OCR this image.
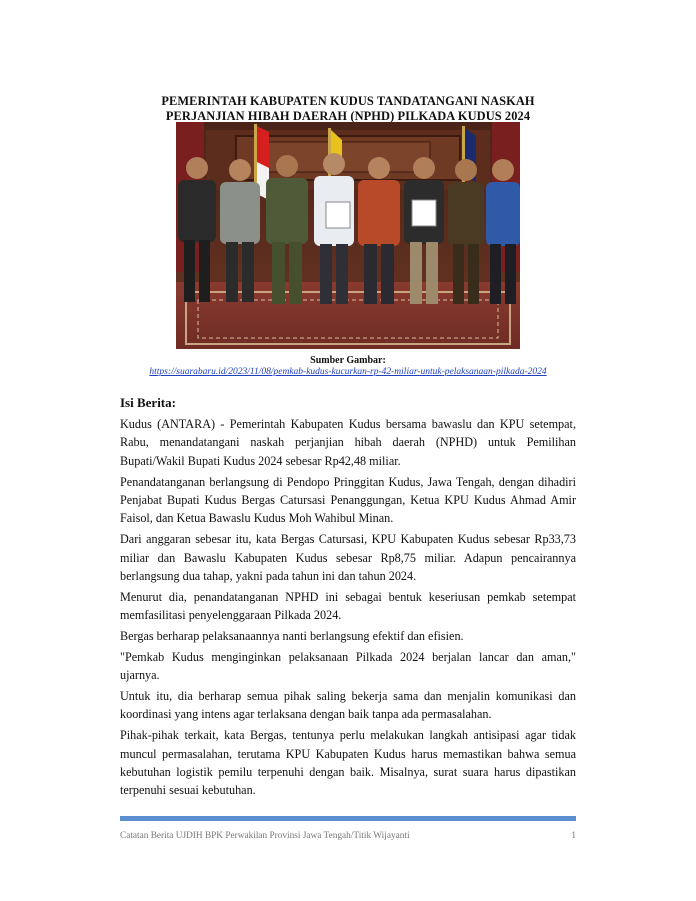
PEMERINTAH KABUPATEN KUDUS TANDATANGANI NASKAH
PERJANJIAN HIBAH DAERAH (NPHD) PILKADA KUDUS 2024
Sumber Gambar:
https://suarabaru.id/2023/11/08/pemkab-kudus-kucurkan-rp-42-miliar-untuk-pelaksanaan-pilkada-2024
Isi Berita:

Kudus (ANTARA) - Pemerintah Kabupaten Kudus bersama bawaslu dan KPU setempat, Rabu, menandatangani naskah perjanjian hibah daerah (NPHD) untuk Pemilihan Bupati/Wakil Bupati Kudus 2024 sebesar Rp42,48 miliar.

Penandatanganan berlangsung di Pendopo Pringgitan Kudus, Jawa Tengah, dengan dihadiri Penjabat Bupati Kudus Bergas Catursasi Penanggungan, Ketua KPU Kudus Ahmad Amir Faisol, dan Ketua Bawaslu Kudus Moh Wahibul Minan.

Dari anggaran sebesar itu, kata Bergas Catursasi, KPU Kabupaten Kudus sebesar Rp33,73 miliar dan Bawaslu Kabupaten Kudus sebesar Rp8,75 miliar. Adapun pencairannya berlangsung dua tahap, yakni pada tahun ini dan tahun 2024.

Menurut dia, penandatanganan NPHD ini sebagai bentuk keseriusan pemkab setempat memfasilitasi penyelenggaraan Pilkada 2024.

Bergas berharap pelaksanaannya nanti berlangsung efektif dan efisien.

"Pemkab Kudus menginginkan pelaksanaan Pilkada 2024 berjalan lancar dan aman," ujarnya.

Untuk itu, dia berharap semua pihak saling bekerja sama dan menjalin komunikasi dan koordinasi yang intens agar terlaksana dengan baik tanpa ada permasalahan.

Pihak-pihak terkait, kata Bergas, tentunya perlu melakukan langkah antisipasi agar tidak muncul permasalahan, terutama KPU Kabupaten Kudus harus memastikan bahwa semua kebutuhan logistik pemilu terpenuhi dengan baik. Misalnya, surat suara harus dipastikan terpenuhi sesuai kebutuhan.

Catatan Berita UJDIH BPK Perwakilan Provinsi Jawa Tengah/Titik Wijayanti	1
